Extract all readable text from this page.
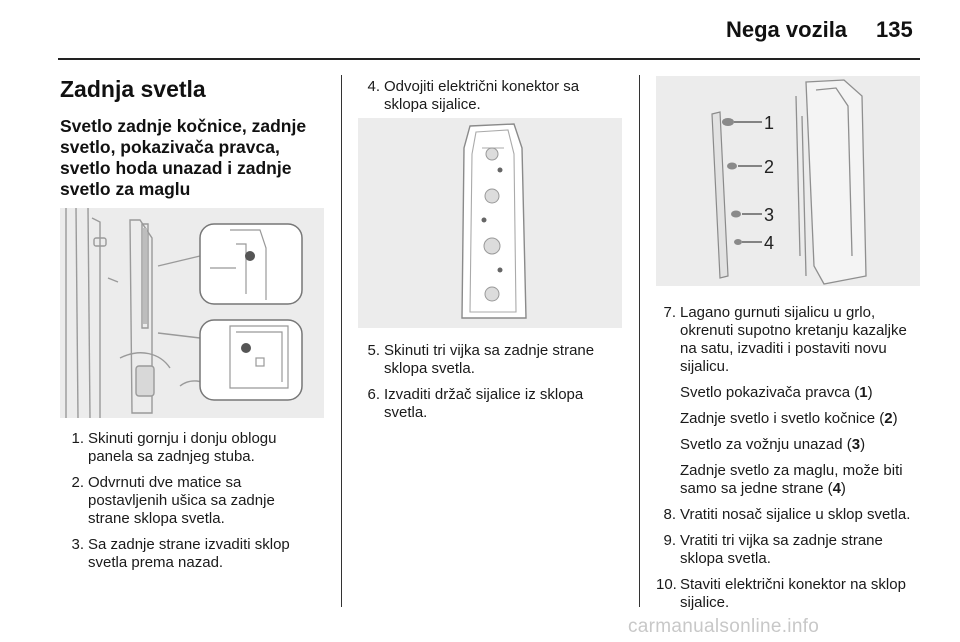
Nega vozila 135
Zadnja svetla
Svetlo zadnje kočnice, zadnje svetlo, pokazivača pravca, svetlo hoda unazad i zadnje svetlo za maglu
1. Skinuti gornju i donju oblogu panela sa zadnjeg stuba.
2. Odvrnuti dve matice sa postavljenih ušica sa zadnje strane sklopa svetla.
3. Sa zadnje strane izvaditi sklop svetla prema nazad.
4. Odvojiti električni konektor sa sklopa sijalice.
5. Skinuti tri vijka sa zadnje strane sklopa svetla.
6. Izvaditi držač sijalice iz sklopa svetla.
1
2
3
4
7. Lagano gurnuti sijalicu u grlo, okrenuti supotno kretanju kazaljke na satu, izvaditi i postaviti novu sijalicu.
Svetlo pokazivača pravca (1)
Zadnje svetlo i svetlo kočnice (2)
Svetlo za vožnju unazad (3)
Zadnje svetlo za maglu, može biti samo sa jedne strane (4)
8. Vratiti nosač sijalice u sklop svetla.
9. Vratiti tri vijka sa zadnje strane sklopa svetla.
10. Staviti električni konektor na sklop sijalice.
carmanualsonline.info
